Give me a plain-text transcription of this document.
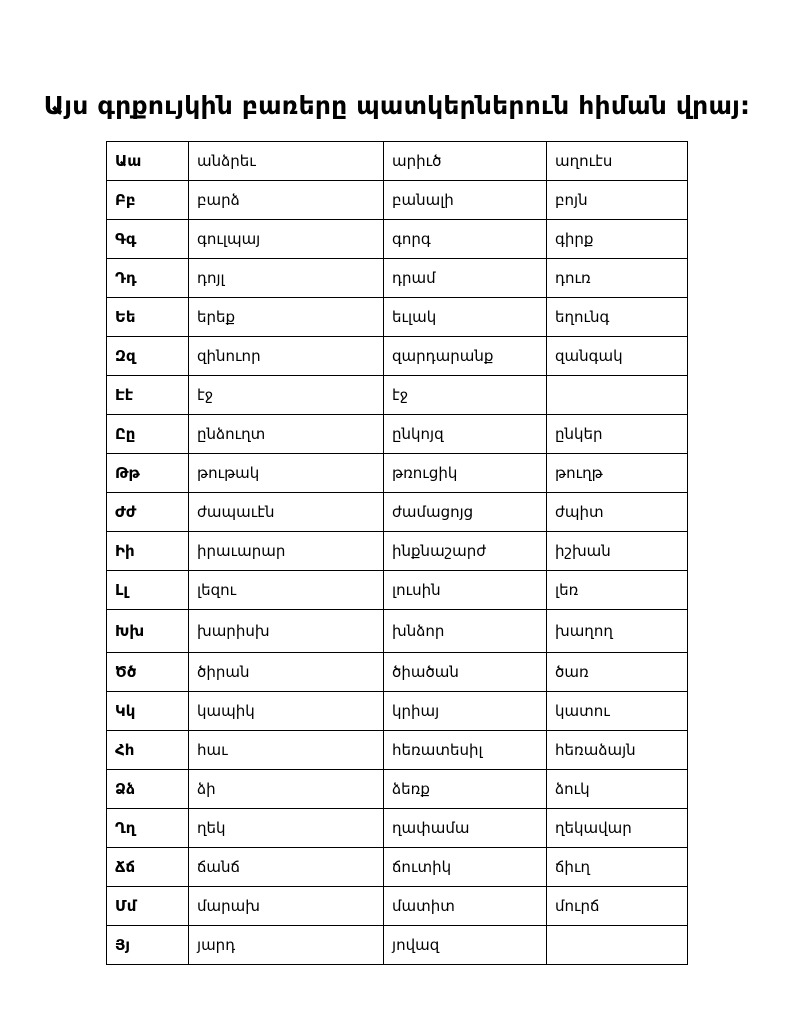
Այս գրքույկին բառերը պատկերներուն հիման վրայ:
Աա	անձրեւ	արիւծ	աղուէս
Բբ	բարձ	բանալի	բոյն
Գգ	գուլպայ	գորգ	գիրք
Դդ	դոյլ	դրամ	դուռ
Եե	երեք	եւլակ	եղունգ
Զզ	զինուոր	զարդարանք	զանգակ
Էէ	էջ	էջ	
Ըը	ընձուղտ	ընկոյզ	ընկեր
Թթ	թութակ	թռուցիկ	թուղթ
Ժժ	ժապաւէն	ժամացոյց	ժպիտ
Իի	իրաւարար	ինքնաշարժ	իշխան
Լլ	լեզու	լուսին	լեռ
Խխ	խարիսխ	խնձոր	խաղող
Ծծ	ծիրան	ծիածան	ծառ
Կկ	կապիկ	կրիայ	կատու
Հհ	հաւ	հեռատեսիլ	հեռաձայն
Ձձ	ձի	ձեռք	ձուկ
Ղղ	ղեկ	ղափամա	ղեկավար
Ճճ	ճանճ	ճուտիկ	ճիւղ
Մմ	մարախ	մատիտ	մուրճ
Յյ	յարդ	յովազ	
